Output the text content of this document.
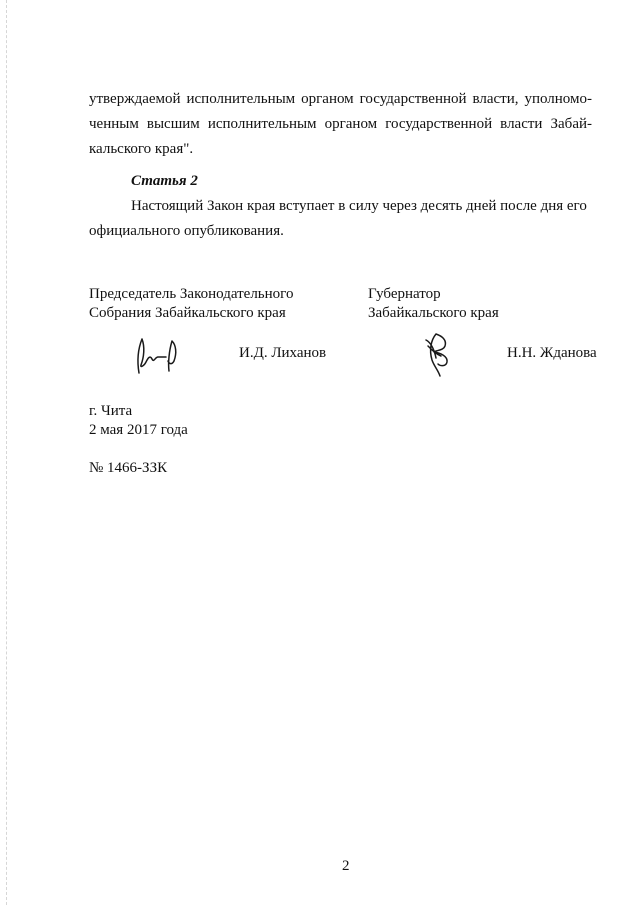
утверждаемой исполнительным органом государственной власти, уполномо-
ченным высшим исполнительным органом государственной власти Забай-
кальского края".
Статья 2
Настоящий Закон края вступает в силу через десять дней после дня его
официального опубликования.
Председатель Законодательного
Собрания Забайкальского края
Губернатор
Забайкальского края
И.Д. Лиханов	Н.Н. Жданова
г. Чита
2 мая 2017 года
№ 1466-ЗЗК
2
